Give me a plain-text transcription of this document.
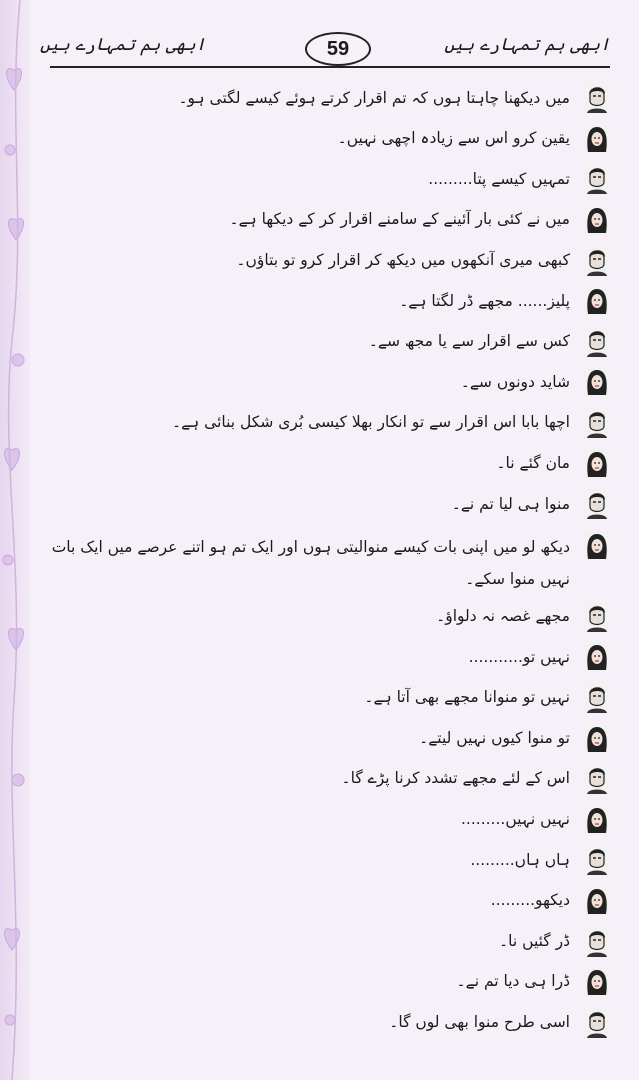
ابھی ہم تمہارے ہیں	59	ابھی ہم تمہارے ہیں
میں دیکھنا چاہتا ہوں کہ تم اقرار کرتے ہوئے کیسے لگتی ہو۔
یقین کرو اس سے زیادہ اچھی نہیں۔
تمہیں کیسے پتا.........
میں نے کئی بار آئینے کے سامنے اقرار کر کے دیکھا ہے۔
کبھی میری آنکھوں میں دیکھ کر اقرار کرو تو بتاؤں۔
پلیز...... مجھے ڈر لگتا ہے۔
کس سے اقرار سے یا مجھ سے۔
شاید دونوں سے۔
اچھا بابا اس اقرار سے تو انکار بھلا کیسی بُری شکل بنائی ہے۔
مان گئے نا۔
منوا ہی لیا تم نے۔
دیکھ لو میں اپنی بات کیسے منوالیتی ہوں اور ایک تم ہو اتنے عرصے میں ایک بات نہیں منوا سکے۔
مجھے غصہ نہ دلواؤ۔
نہیں تو...........
نہیں تو منوانا مجھے بھی آتا ہے۔
تو منوا کیوں نہیں لیتے۔
اس کے لئے مجھے تشدد کرنا پڑے گا۔
نہیں نہیں.........
ہاں ہاں.........
دیکھو.........
ڈر گئیں نا۔
ڈرا ہی دیا تم نے۔
اسی طرح منوا بھی لوں گا۔
